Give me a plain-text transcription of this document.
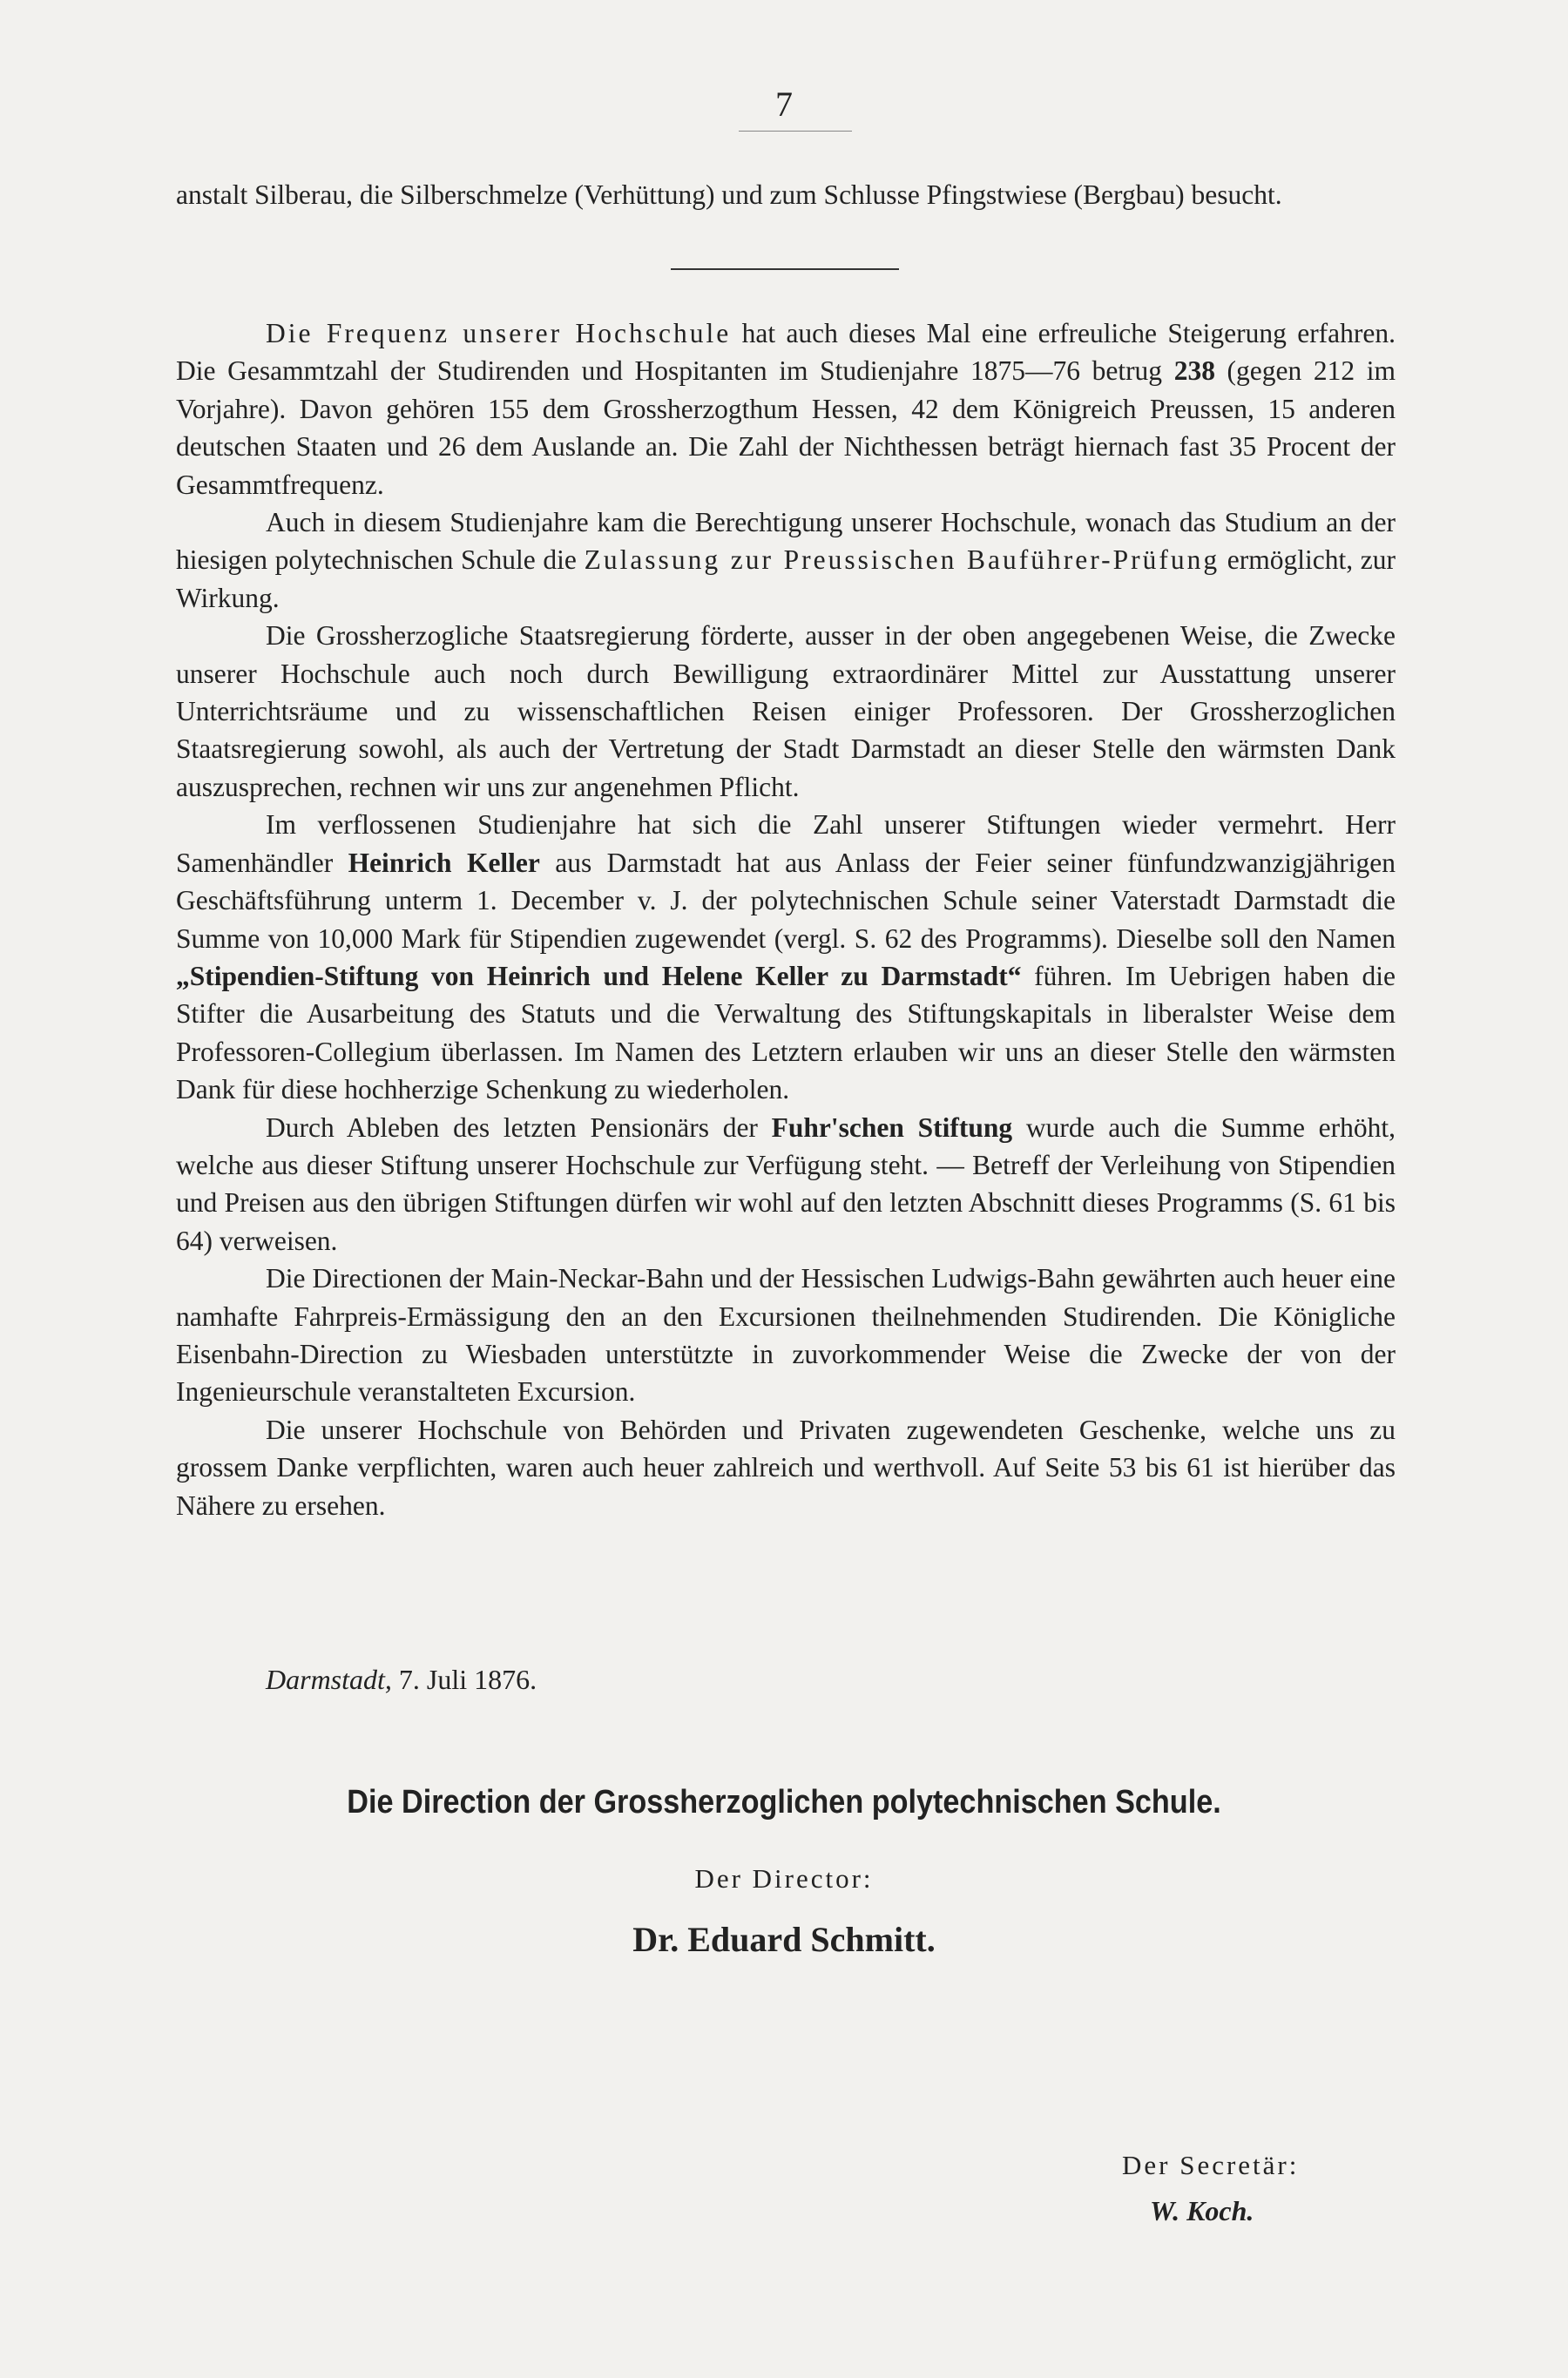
7

anstalt Silberau, die Silberschmelze (Verhüttung) und zum Schlusse Pfingstwiese (Bergbau) besucht.

Die Frequenz unserer Hochschule hat auch dieses Mal eine erfreuliche Steigerung erfahren. Die Gesammtzahl der Studirenden und Hospitanten im Studienjahre 1875—76 betrug 238 (gegen 212 im Vorjahre). Davon gehören 155 dem Grossherzogthum Hessen, 42 dem Königreich Preussen, 15 anderen deutschen Staaten und 26 dem Auslande an. Die Zahl der Nichthessen beträgt hiernach fast 35 Procent der Gesammtfrequenz.

Auch in diesem Studienjahre kam die Berechtigung unserer Hochschule, wonach das Studium an der hiesigen polytechnischen Schule die Zulassung zur Preussischen Bauführer-Prüfung ermöglicht, zur Wirkung.

Die Grossherzogliche Staatsregierung förderte, ausser in der oben angegebenen Weise, die Zwecke unserer Hochschule auch noch durch Bewilligung extraordinärer Mittel zur Ausstattung unserer Unterrichtsräume und zu wissenschaftlichen Reisen einiger Professoren. Der Grossherzoglichen Staatsregierung sowohl, als auch der Vertretung der Stadt Darmstadt an dieser Stelle den wärmsten Dank auszusprechen, rechnen wir uns zur angenehmen Pflicht.

Im verflossenen Studienjahre hat sich die Zahl unserer Stiftungen wieder vermehrt. Herr Samenhändler Heinrich Keller aus Darmstadt hat aus Anlass der Feier seiner fünfundzwanzigjährigen Geschäftsführung unterm 1. December v. J. der polytechnischen Schule seiner Vaterstadt Darmstadt die Summe von 10,000 Mark für Stipendien zugewendet (vergl. S. 62 des Programms). Dieselbe soll den Namen „Stipendien-Stiftung von Heinrich und Helene Keller zu Darmstadt“ führen. Im Uebrigen haben die Stifter die Ausarbeitung des Statuts und die Verwaltung des Stiftungskapitals in liberalster Weise dem Professoren-Collegium überlassen. Im Namen des Letztern erlauben wir uns an dieser Stelle den wärmsten Dank für diese hochherzige Schenkung zu wiederholen.

Durch Ableben des letzten Pensionärs der Fuhr'schen Stiftung wurde auch die Summe erhöht, welche aus dieser Stiftung unserer Hochschule zur Verfügung steht. — Betreff der Verleihung von Stipendien und Preisen aus den übrigen Stiftungen dürfen wir wohl auf den letzten Abschnitt dieses Programms (S. 61 bis 64) verweisen.

Die Directionen der Main-Neckar-Bahn und der Hessischen Ludwigs-Bahn gewährten auch heuer eine namhafte Fahrpreis-Ermässigung den an den Excursionen theilnehmenden Studirenden. Die Königliche Eisenbahn-Direction zu Wiesbaden unterstützte in zuvorkommender Weise die Zwecke der von der Ingenieurschule veranstalteten Excursion.

Die unserer Hochschule von Behörden und Privaten zugewendeten Geschenke, welche uns zu grossem Danke verpflichten, waren auch heuer zahlreich und werthvoll. Auf Seite 53 bis 61 ist hierüber das Nähere zu ersehen.

Darmstadt, 7. Juli 1876.
Die Direction der Grossherzoglichen polytechnischen Schule.
Der Director:
Dr. Eduard Schmitt.
Der Secretär:
W. Koch.
